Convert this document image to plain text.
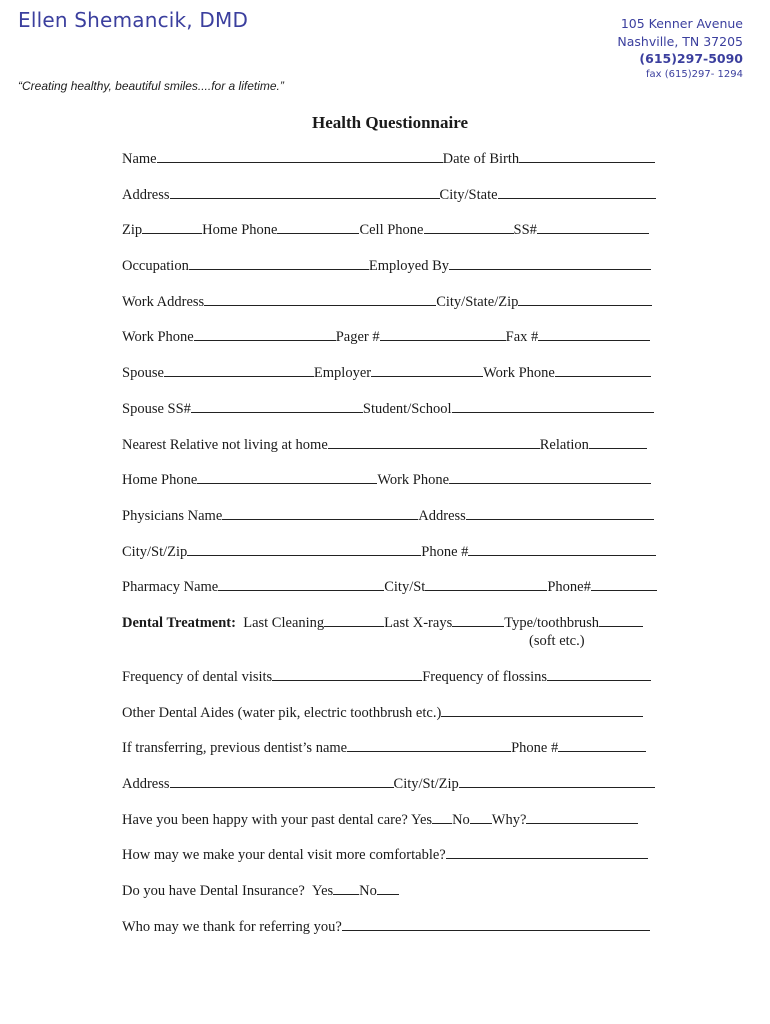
Ellen Shemancik, DMD
“Creating healthy, beautiful smiles....for a lifetime.”
105 Kenner Avenue
Nashville, TN 37205
(615)297-5090
fax (615)297- 1294
Health Questionnaire
Name	Date of Birth
Address	City/State
Zip	Home Phone	Cell Phone	SS#
Occupation	Employed By
Work Address	City/State/Zip
Work Phone	Pager #	Fax #
Spouse	Employer	Work Phone
Spouse SS#	Student/School
Nearest Relative not living at home	Relation
Home Phone	Work Phone
Physicians Name	Address
City/St/Zip	Phone #
Pharmacy Name	City/St	Phone#
Dental Treatment: Last Cleaning	Last X-rays	Type/toothbrush
(soft etc.)
Frequency of dental visits	Frequency of flossins
Other Dental Aides (water pik, electric toothbrush etc.)
If transferring, previous dentist’s name	Phone #
Address	City/St/Zip
Have you been happy with your past dental care? Yes No Why?
How may we make your dental visit more comfortable?
Do you have Dental Insurance? Yes No
Who may we thank for referring you?
